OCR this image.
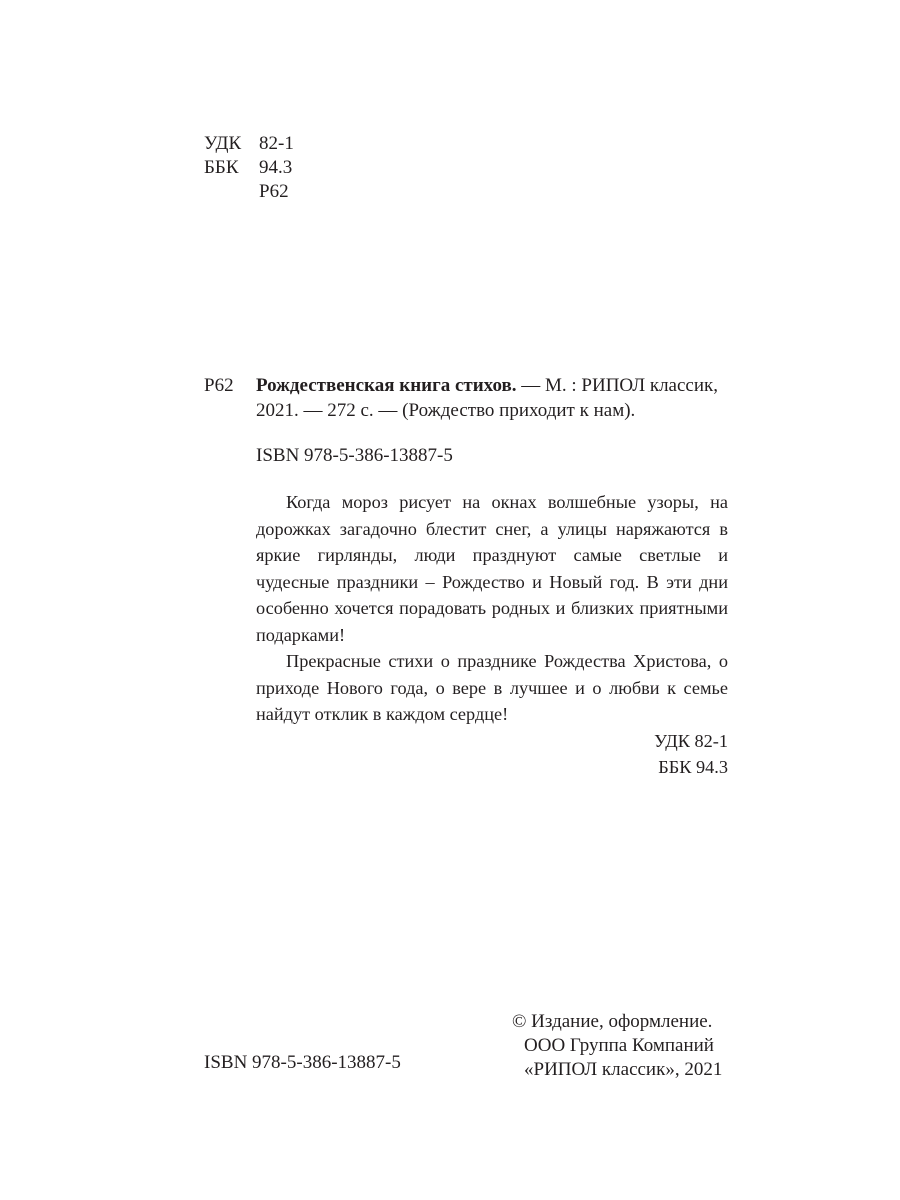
УДК	82-1
ББК	94.3
	Р62
Р62 Рождественская книга стихов. — М. : РИПОЛ классик,
2021. — 272 с. — (Рождество приходит к нам).
ISBN 978-5-386-13887-5

Когда мороз рисует на окнах волшебные узоры, на дорожках загадочно блестит снег, а улицы наряжаются в яркие гирлянды, люди празднуют самые светлые и чудесные праздники – Рождество и Новый год. В эти дни особенно хочется порадовать родных и близких приятными подарками!

Прекрасные стихи о празднике Рождества Христова, о приходе Нового года, о вере в лучшее и о любви к семье найдут отклик в каждом сердце!

УДК 82-1
ББК 94.3
ISBN 978-5-386-13887-5
© Издание, оформление.
ООО Группа Компаний
«РИПОЛ классик», 2021
